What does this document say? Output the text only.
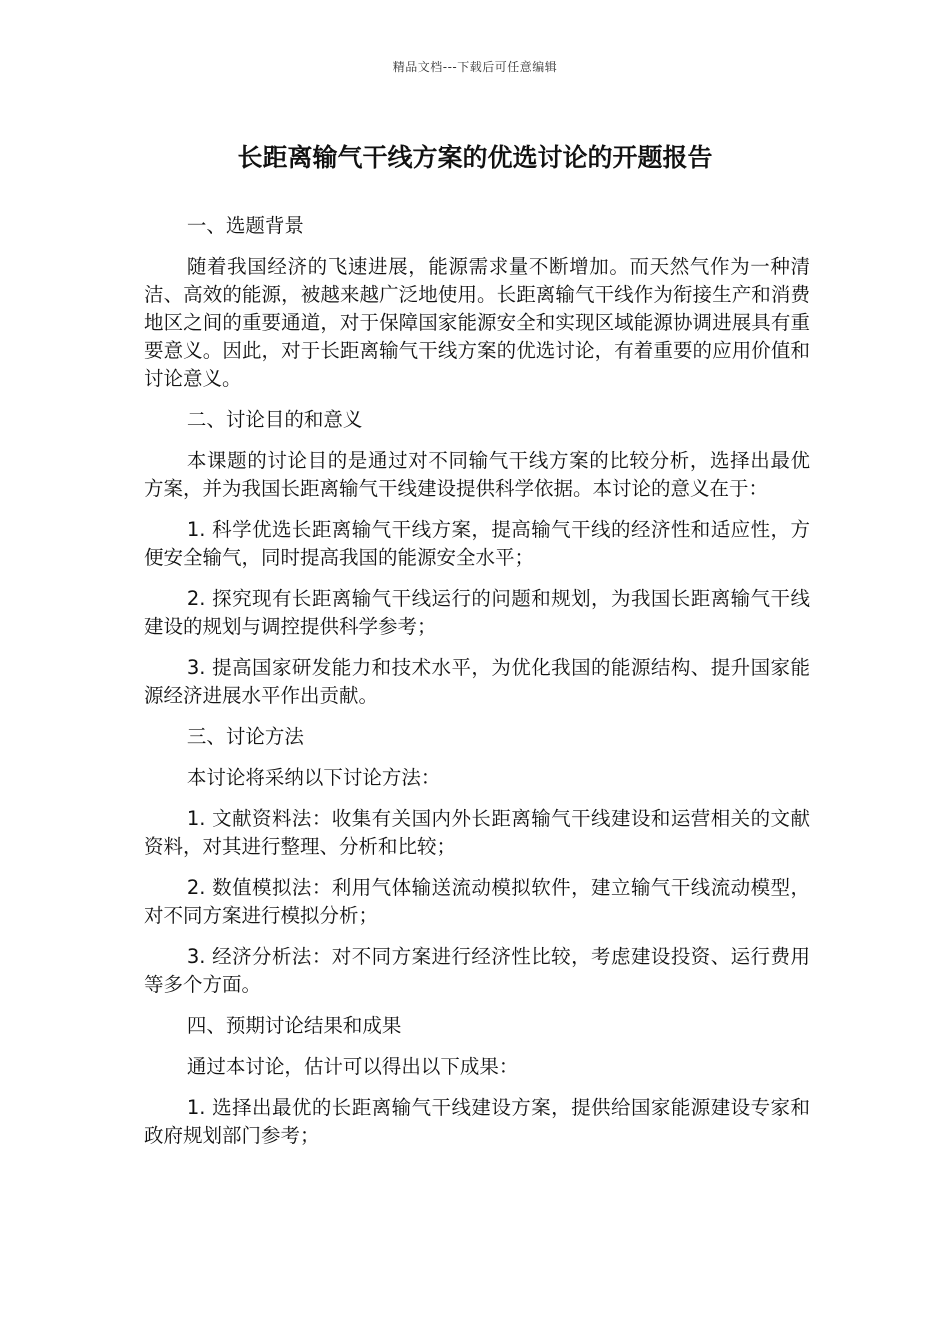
精品文档---下载后可任意编辑
长距离输气干线方案的优选讨论的开题报告

一、选题背景

随着我国经济的飞速进展，能源需求量不断增加。而天然气作为一种清洁、高效的能源，被越来越广泛地使用。长距离输气干线作为衔接生产和消费地区之间的重要通道，对于保障国家能源安全和实现区域能源协调进展具有重要意义。因此，对于长距离输气干线方案的优选讨论，有着重要的应用价值和讨论意义。

二、讨论目的和意义

本课题的讨论目的是通过对不同输气干线方案的比较分析，选择出最优方案，并为我国长距离输气干线建设提供科学依据。本讨论的意义在于：

1. 科学优选长距离输气干线方案，提高输气干线的经济性和适应性，方便安全输气，同时提高我国的能源安全水平；

2. 探究现有长距离输气干线运行的问题和规划，为我国长距离输气干线建设的规划与调控提供科学参考；

3. 提高国家研发能力和技术水平，为优化我国的能源结构、提升国家能源经济进展水平作出贡献。

三、讨论方法

本讨论将采纳以下讨论方法：

1. 文献资料法：收集有关国内外长距离输气干线建设和运营相关的文献资料，对其进行整理、分析和比较；

2. 数值模拟法：利用气体输送流动模拟软件，建立输气干线流动模型，对不同方案进行模拟分析；

3. 经济分析法：对不同方案进行经济性比较，考虑建设投资、运行费用等多个方面。

四、预期讨论结果和成果

通过本讨论，估计可以得出以下成果：

1. 选择出最优的长距离输气干线建设方案，提供给国家能源建设专家和政府规划部门参考；
